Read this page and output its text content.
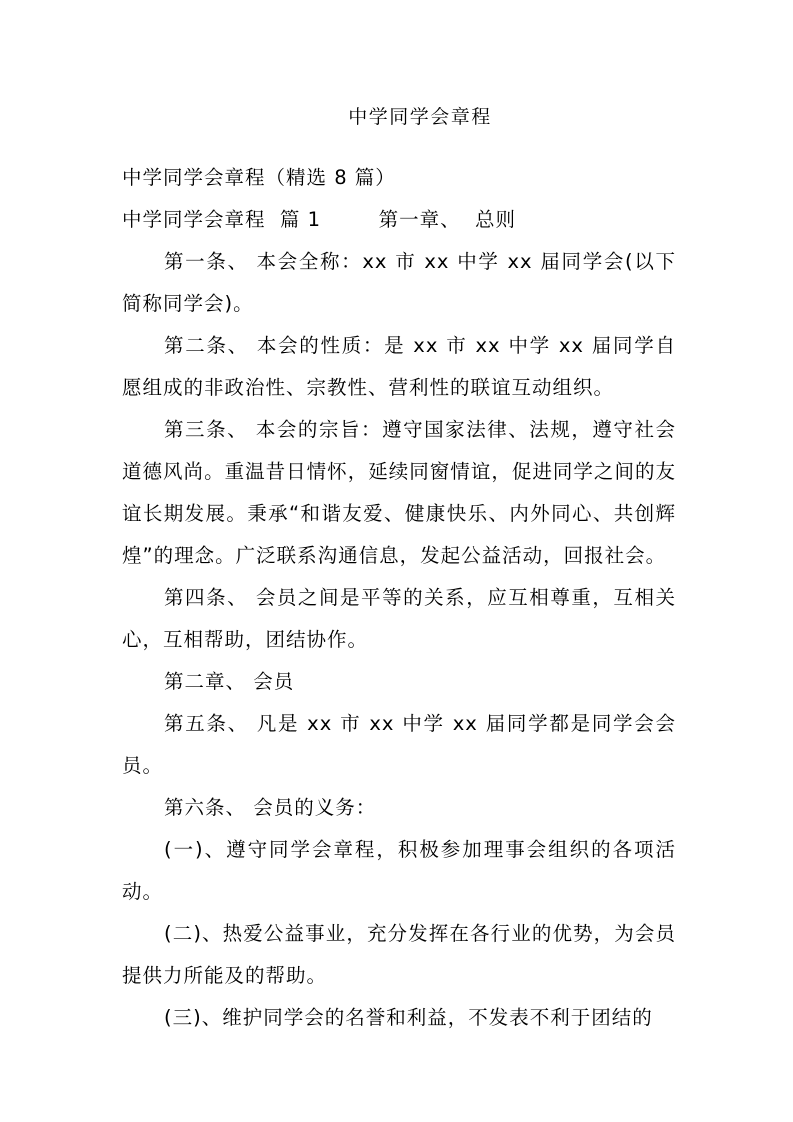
中学同学会章程

中学同学会章程（精选 8 篇）

中学同学会章程  篇 1        第一章、  总则

第一条、 本会全称：xx 市 xx 中学 xx 届同学会(以下简称同学会)。

第二条、 本会的性质：是 xx 市 xx 中学 xx 届同学自愿组成的非政治性、宗教性、营利性的联谊互动组织。

第三条、 本会的宗旨：遵守国家法律、法规，遵守社会道德风尚。重温昔日情怀，延续同窗情谊，促进同学之间的友谊长期发展。秉承“和谐友爱、健康快乐、内外同心、共创辉煌”的理念。广泛联系沟通信息，发起公益活动，回报社会。

第四条、 会员之间是平等的关系，应互相尊重，互相关心，互相帮助，团结协作。

第二章、 会员

第五条、 凡是 xx 市 xx 中学 xx 届同学都是同学会会员。

第六条、 会员的义务：

(一)、遵守同学会章程，积极参加理事会组织的各项活动。

(二)、热爱公益事业，充分发挥在各行业的优势，为会员提供力所能及的帮助。

(三)、维护同学会的名誉和利益，不发表不利于团结的
